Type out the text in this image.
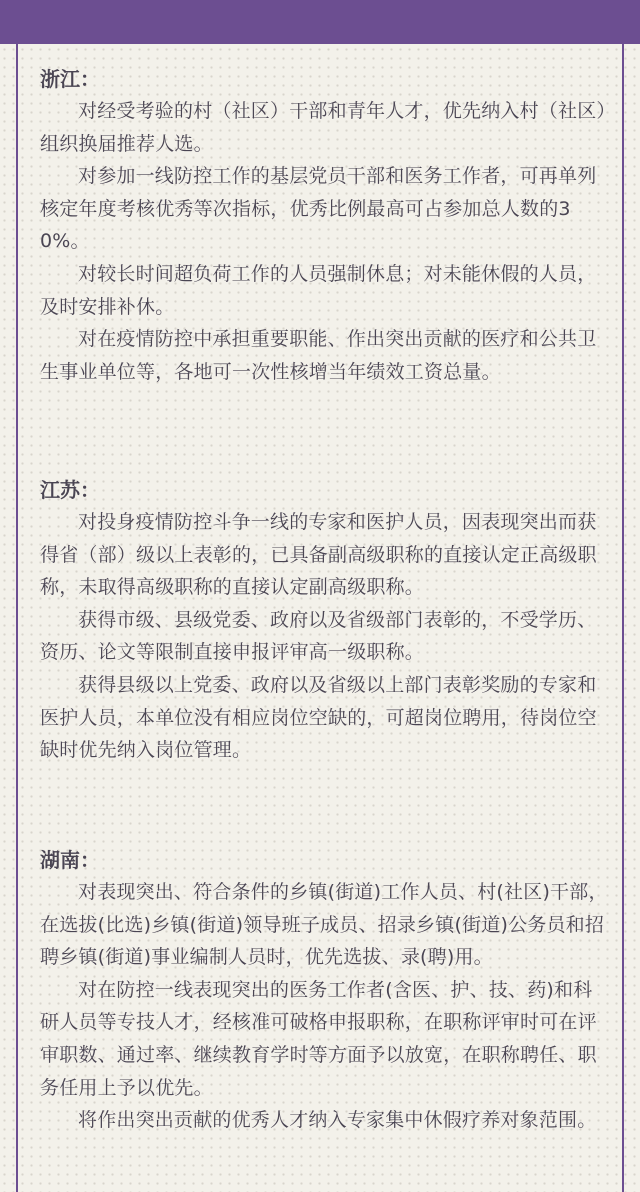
浙江：

对经受考验的村（社区）干部和青年人才，优先纳入村（社区）组织换届推荐人选。

对参加一线防控工作的基层党员干部和医务工作者，可再单列核定年度考核优秀等次指标，优秀比例最高可占参加总人数的30%。

对较长时间超负荷工作的人员强制休息；对未能休假的人员，及时安排补休。

对在疫情防控中承担重要职能、作出突出贡献的医疗和公共卫生事业单位等，各地可一次性核增当年绩效工资总量。

江苏：

对投身疫情防控斗争一线的专家和医护人员，因表现突出而获得省（部）级以上表彰的，已具备副高级职称的直接认定正高级职称，未取得高级职称的直接认定副高级职称。

获得市级、县级党委、政府以及省级部门表彰的，不受学历、资历、论文等限制直接申报评审高一级职称。

获得县级以上党委、政府以及省级以上部门表彰奖励的专家和医护人员，本单位没有相应岗位空缺的，可超岗位聘用，待岗位空缺时优先纳入岗位管理。

湖南：

对表现突出、符合条件的乡镇(街道)工作人员、村(社区)干部，在选拔(比选)乡镇(街道)领导班子成员、招录乡镇(街道)公务员和招聘乡镇(街道)事业编制人员时，优先选拔、录(聘)用。

对在防控一线表现突出的医务工作者(含医、护、技、药)和科研人员等专技人才，经核准可破格申报职称，在职称评审时可在评审职数、通过率、继续教育学时等方面予以放宽，在职称聘任、职务任用上予以优先。

将作出突出贡献的优秀人才纳入专家集中休假疗养对象范围。
